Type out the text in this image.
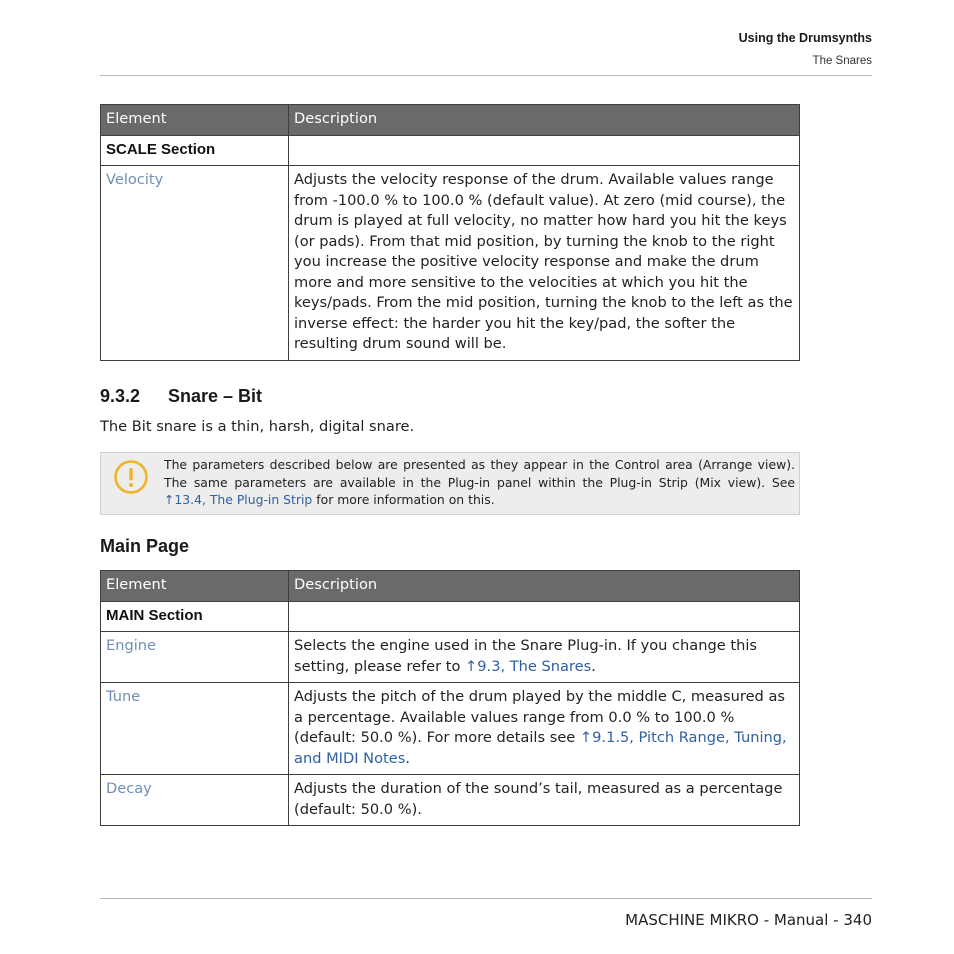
Using the Drumsynths
The Snares
Element	Description
SCALE Section	
Velocity	Adjusts the velocity response of the drum. Available values range from -100.0 % to 100.0 % (default value). At zero (mid course), the drum is played at full velocity, no matter how hard you hit the keys (or pads). From that mid position, by turning the knob to the right you increase the positive velocity response and make the drum more and more sensitive to the velocities at which you hit the keys/pads. From the mid position, turning the knob to the left as the inverse effect: the harder you hit the key/pad, the softer the resulting drum sound will be.
9.3.2 Snare – Bit
The Bit snare is a thin, harsh, digital snare.
The parameters described below are presented as they appear in the Control area (Arrange view). The same parameters are available in the Plug-in panel within the Plug-in Strip (Mix view). See ↑13.4, The Plug-in Strip for more information on this.
Main Page
Element	Description
MAIN Section	
Engine	Selects the engine used in the Snare Plug-in. If you change this setting, please refer to ↑9.3, The Snares.
Tune	Adjusts the pitch of the drum played by the middle C, measured as a percentage. Available values range from 0.0 % to 100.0 % (default: 50.0 %). For more details see ↑9.1.5, Pitch Range, Tuning, and MIDI Notes.
Decay	Adjusts the duration of the sound’s tail, measured as a percentage (default: 50.0 %).
MASCHINE MIKRO - Manual - 340
